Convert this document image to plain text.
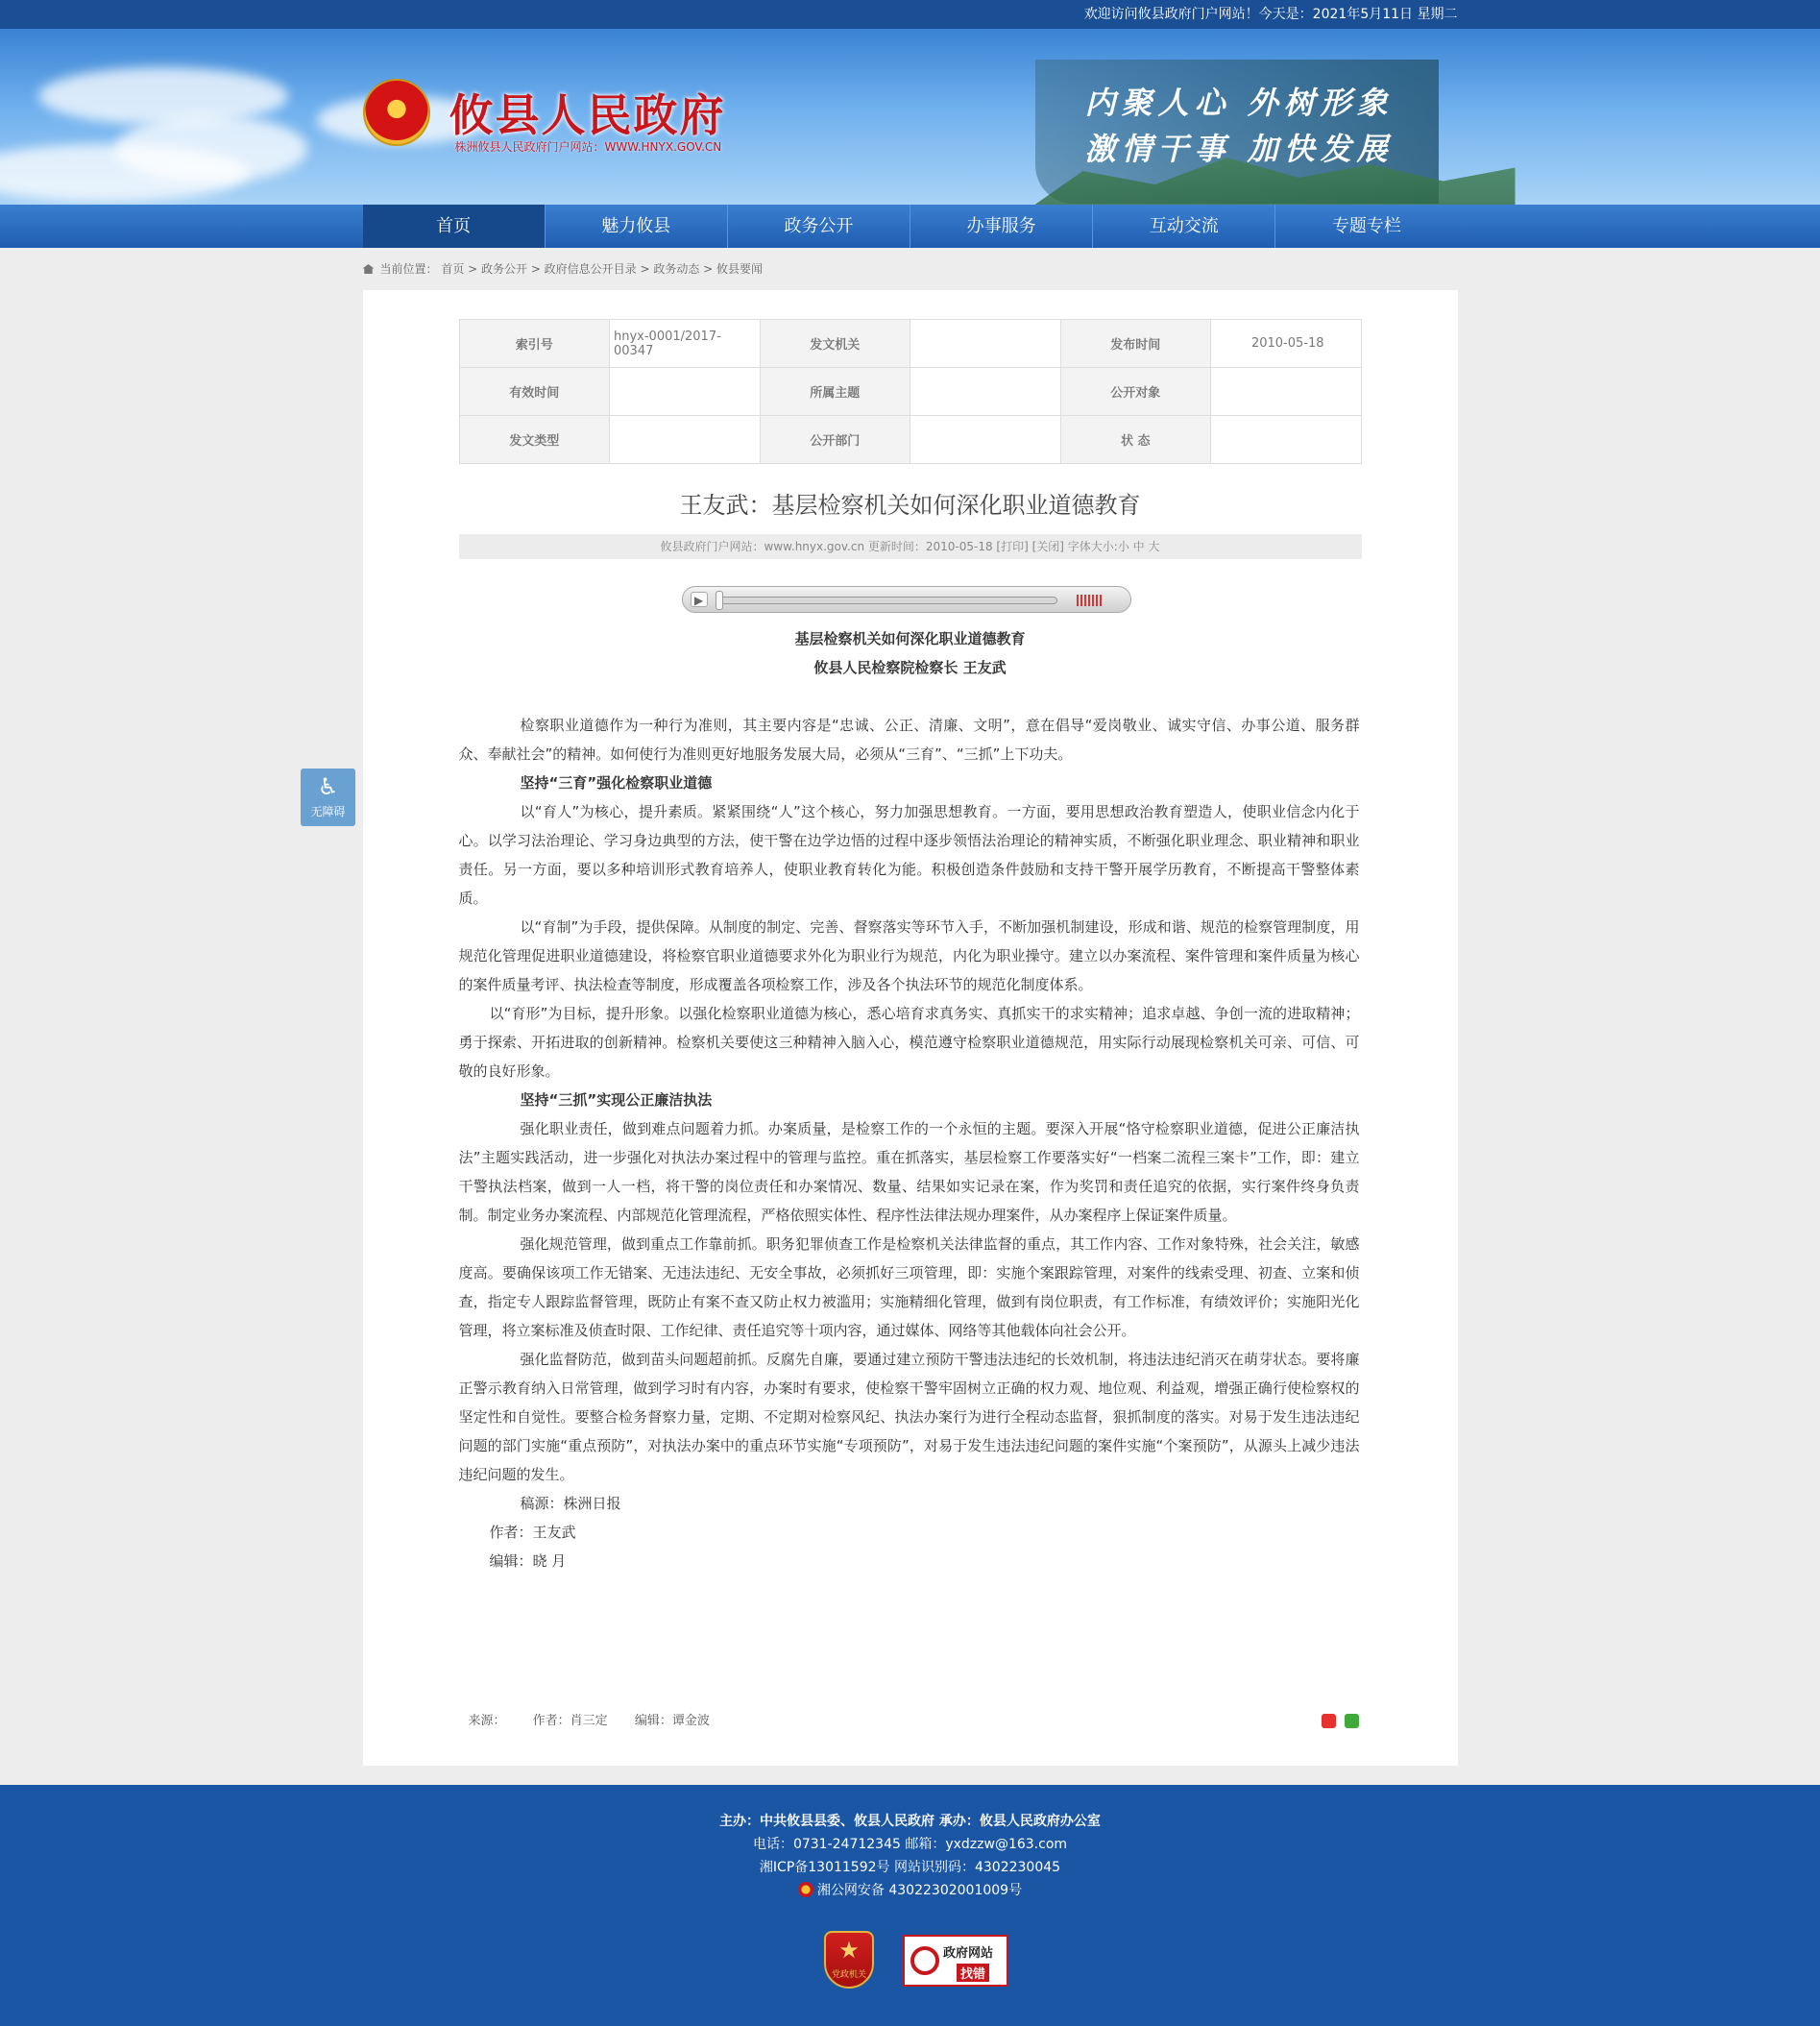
欢迎访问攸县政府门户网站！今天是：2021年5月11日 星期二
攸县人民政府
株洲攸县人民政府门户网站：WWW.HNYX.GOV.CN
内聚人心 外树形象
激情干事 加快发展
首页	魅力攸县	政务公开	办事服务	互动交流	专题专栏
当前位置： 首页 > 政务公开 > 政府信息公开目录 > 政务动态 > 攸县要闻
索引号	hnyx-0001/2017-00347	发文机关		发布时间	2010-05-18
有效时间		所属主题		公开对象	
发文类型		公开部门		状 态	
王友武：基层检察机关如何深化职业道德教育
攸县政府门户网站：www.hnyx.gov.cn 更新时间：2010-05-18 [打印] [关闭] 字体大小:小 中 大
▶
基层检察机关如何深化职业道德教育
攸县人民检察院检察长 王友武

检察职业道德作为一种行为准则，其主要内容是“忠诚、公正、清廉、文明”，意在倡导“爱岗敬业、诚实守信、办事公道、服务群众、奉献社会”的精神。如何使行为准则更好地服务发展大局，必须从“三育”、“三抓”上下功夫。

坚持“三育”强化检察职业道德

以“育人”为核心，提升素质。紧紧围绕“人”这个核心，努力加强思想教育。一方面，要用思想政治教育塑造人，使职业信念内化于心。以学习法治理论、学习身边典型的方法，使干警在边学边悟的过程中逐步领悟法治理论的精神实质，不断强化职业理念、职业精神和职业责任。另一方面，要以多种培训形式教育培养人，使职业教育转化为能。积极创造条件鼓励和支持干警开展学历教育，不断提高干警整体素质。

以“育制”为手段，提供保障。从制度的制定、完善、督察落实等环节入手，不断加强机制建设，形成和谐、规范的检察管理制度，用规范化管理促进职业道德建设，将检察官职业道德要求外化为职业行为规范，内化为职业操守。建立以办案流程、案件管理和案件质量为核心的案件质量考评、执法检查等制度，形成覆盖各项检察工作，涉及各个执法环节的规范化制度体系。

以“育形”为目标，提升形象。以强化检察职业道德为核心，悉心培育求真务实、真抓实干的求实精神；追求卓越、争创一流的进取精神；勇于探索、开拓进取的创新精神。检察机关要使这三种精神入脑入心，模范遵守检察职业道德规范，用实际行动展现检察机关可亲、可信、可敬的良好形象。

坚持“三抓”实现公正廉洁执法

强化职业责任，做到难点问题着力抓。办案质量，是检察工作的一个永恒的主题。要深入开展“恪守检察职业道德，促进公正廉洁执法”主题实践活动，进一步强化对执法办案过程中的管理与监控。重在抓落实，基层检察工作要落实好“一档案二流程三案卡”工作，即：建立干警执法档案，做到一人一档，将干警的岗位责任和办案情况、数量、结果如实记录在案，作为奖罚和责任追究的依据，实行案件终身负责制。制定业务办案流程、内部规范化管理流程，严格依照实体性、程序性法律法规办理案件，从办案程序上保证案件质量。

强化规范管理，做到重点工作靠前抓。职务犯罪侦查工作是检察机关法律监督的重点，其工作内容、工作对象特殊，社会关注，敏感度高。要确保该项工作无错案、无违法违纪、无安全事故，必须抓好三项管理，即：实施个案跟踪管理，对案件的线索受理、初查、立案和侦查，指定专人跟踪监督管理，既防止有案不查又防止权力被滥用；实施精细化管理，做到有岗位职责，有工作标准，有绩效评价；实施阳光化管理，将立案标准及侦查时限、工作纪律、责任追究等十项内容，通过媒体、网络等其他载体向社会公开。

强化监督防范，做到苗头问题超前抓。反腐先自廉，要通过建立预防干警违法违纪的长效机制，将违法违纪消灭在萌芽状态。要将廉正警示教育纳入日常管理，做到学习时有内容，办案时有要求，使检察干警牢固树立正确的权力观、地位观、利益观，增强正确行使检察权的坚定性和自觉性。要整合检务督察力量，定期、不定期对检察风纪、执法办案行为进行全程动态监督，狠抓制度的落实。对易于发生违法违纪问题的部门实施“重点预防”，对执法办案中的重点环节实施“专项预防”，对易于发生违法违纪问题的案件实施“个案预防”，从源头上减少违法违纪问题的发生。

稿源：株洲日报

作者：王友武

编辑：晓 月

来源： 作者：肖三定 编辑：谭金波

♿
无障碍
主办：中共攸县县委、攸县人民政府 承办：攸县人民政府办公室
电话：0731-24712345 邮箱：yxdzzw@163.com
湘ICP备13011592号 网站识别码：4302230045
湘公网安备 43022302001009号
★
党政机关
政府网站
找错
